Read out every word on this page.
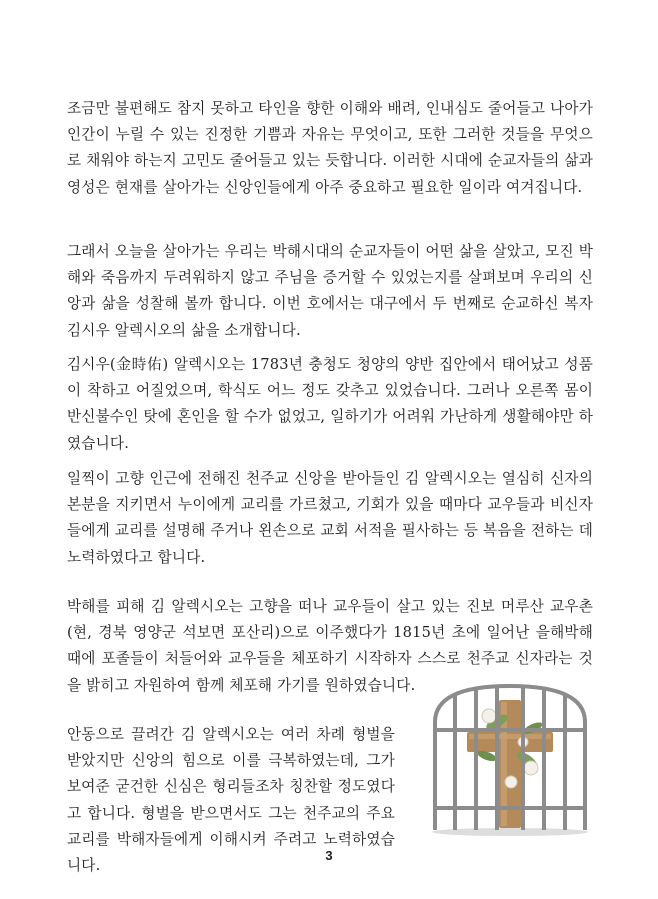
조금만 불편해도 참지 못하고 타인을 향한 이해와 배려, 인내심도 줄어들고 나아가 인간이 누릴 수 있는 진정한 기쁨과 자유는 무엇이고, 또한 그러한 것들을 무엇으로 채워야 하는지 고민도 줄어들고 있는 듯합니다. 이러한 시대에 순교자들의 삶과 영성은 현재를 살아가는 신앙인들에게 아주 중요하고 필요한 일이라 여겨집니다.

그래서 오늘을 살아가는 우리는 박해시대의 순교자들이 어떤 삶을 살았고, 모진 박해와 죽음까지 두려워하지 않고 주님을 증거할 수 있었는지를 살펴보며 우리의 신앙과 삶을 성찰해 볼까 합니다. 이번 호에서는 대구에서 두 번째로 순교하신 복자 김시우 알렉시오의 삶을 소개합니다.

김시우(金時佑) 알렉시오는 1783년 충청도 청양의 양반 집안에서 태어났고 성품이 착하고 어질었으며, 학식도 어느 정도 갖추고 있었습니다. 그러나 오른쪽 몸이 반신불수인 탓에 혼인을 할 수가 없었고, 일하기가 어려워 가난하게 생활해야만 하였습니다.

일찍이 고향 인근에 전해진 천주교 신앙을 받아들인 김 알렉시오는 열심히 신자의 본분을 지키면서 누이에게 교리를 가르쳤고, 기회가 있을 때마다 교우들과 비신자들에게 교리를 설명해 주거나 왼손으로 교회 서적을 필사하는 등 복음을 전하는 데 노력하였다고 합니다.

박해를 피해 김 알렉시오는 고향을 떠나 교우들이 살고 있는 진보 머루산 교우촌(현, 경북 영양군 석보면 포산리)으로 이주했다가 1815년 초에 일어난 을해박해 때에 포졸들이 처들어와 교우들을 체포하기 시작하자 스스로 천주교 신자라는 것을 밝히고 자원하여 함께 체포해 가기를 원하였습니다.

안동으로 끌려간 김 알렉시오는 여러 차례 형벌을 받았지만 신앙의 힘으로 이를 극복하였는데, 그가 보여준 굳건한 신심은 형리들조차 칭찬할 정도였다고 합니다. 형벌을 받으면서도 그는 천주교의 주요 교리를 박해자들에게 이해시켜 주려고 노력하였습니다.

3
